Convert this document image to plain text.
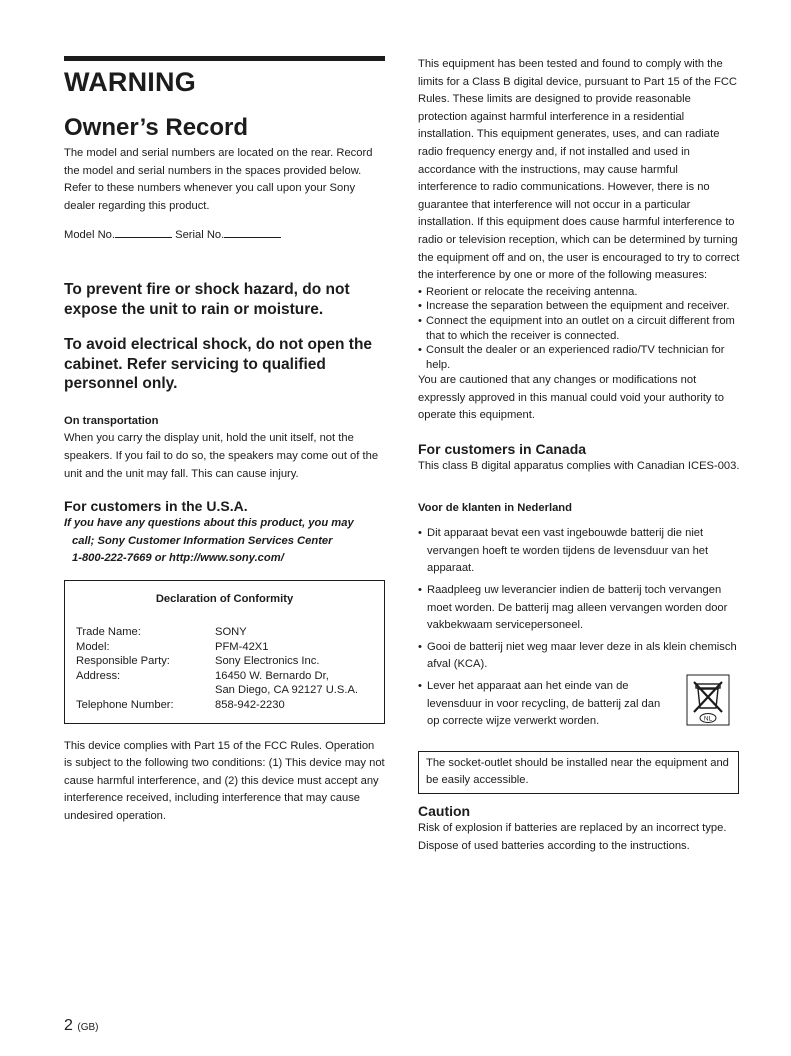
WARNING
Owner’s Record

The model and serial numbers are located on the rear. Record the model and serial numbers in the spaces provided below. Refer to these numbers whenever you call upon your Sony dealer regarding this product.

Model No.	Serial No.

To prevent fire or shock hazard, do not expose the unit to rain or moisture.

To avoid electrical shock, do not open the cabinet. Refer servicing to qualified personnel only.

On transportation

When you carry the display unit, hold the unit itself, not the speakers. If you fail to do so, the speakers may come out of the unit and the unit may fall. This can cause injury.

For customers in the U.S.A.

If you have any questions about this product, you may

call; Sony Customer Information Services Center

1-800-222-7669 or http://www.sony.com/

Declaration of Conformity
Trade Name:	SONY
Model:	PFM-42X1
Responsible Party:	Sony Electronics Inc.
Address:	16450 W. Bernardo Dr,
San Diego, CA 92127 U.S.A.
Telephone Number:	858-942-2230

This device complies with Part 15 of the FCC Rules. Operation is subject to the following two conditions: (1) This device may not cause harmful interference, and (2) this device must accept any interference received, including interference that may cause undesired operation.

This equipment has been tested and found to comply with the limits for a Class B digital device, pursuant to Part 15 of the FCC Rules. These limits are designed to provide reasonable protection against harmful interference in a residential installation. This equipment generates, uses, and can radiate radio frequency energy and, if not installed and used in accordance with the instructions, may cause harmful interference to radio communications. However, there is no guarantee that interference will not occur in a particular installation. If this equipment does cause harmful interference to radio or television reception, which can be determined by turning the equipment off and on, the user is encouraged to try to correct the interference by one or more of the following measures:

• Reorient or relocate the receiving antenna.
• Increase the separation between the equipment and receiver.
• Connect the equipment into an outlet on a circuit different from that to which the receiver is connected.
• Consult the dealer or an experienced radio/TV technician for help.

You are cautioned that any changes or modifications not expressly approved in this manual could void your authority to operate this equipment.

For customers in Canada

This class B digital apparatus complies with Canadian ICES-003.

Voor de klanten in Nederland

• Dit apparaat bevat een vast ingebouwde batterij die niet vervangen hoeft te worden tijdens de levensduur van het apparaat.
• Raadpleeg uw leverancier indien de batterij toch vervangen moet worden. De batterij mag alleen vervangen worden door vakbekwaam servicepersoneel.
• Gooi de batterij niet weg maar lever deze in als klein chemisch afval (KCA).
• Lever het apparaat aan het einde van de levensduur in voor recycling, de batterij zal dan op correcte wijze verwerkt worden.	NL
The socket-outlet should be installed near the equipment and be easily accessible.

Caution

Risk of explosion if batteries are replaced by an incorrect type. Dispose of used batteries according to the instructions.

2 (GB)
